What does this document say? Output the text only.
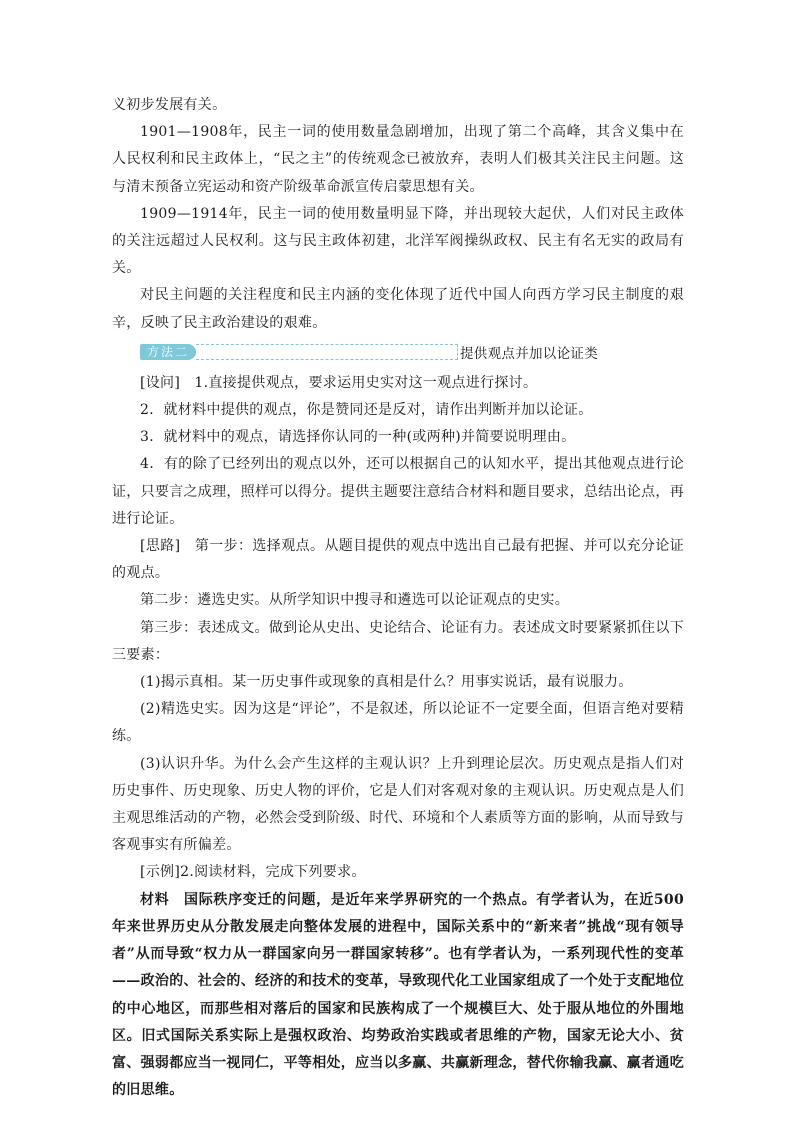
义初步发展有关。

1901—1908年，民主一词的使用数量急剧增加，出现了第二个高峰，其含义集中在人民权利和民主政体上，“民之主”的传统观念已被放弃，表明人们极其关注民主问题。这与清末预备立宪运动和资产阶级革命派宣传启蒙思想有关。

1909—1914年，民主一词的使用数量明显下降，并出现较大起伏，人们对民主政体的关注远超过人民权利。这与民主政体初建，北洋军阀操纵政权、民主有名无实的政局有关。

对民主问题的关注程度和民主内涵的变化体现了近代中国人向西方学习民主制度的艰辛，反映了民主政治建设的艰难。

方法二	提供观点并加以论证类

[设问]　1.直接提供观点，要求运用史实对这一观点进行探讨。

2．就材料中提供的观点，你是赞同还是反对，请作出判断并加以论证。

3．就材料中的观点，请选择你认同的一种(或两种)并简要说明理由。

4．有的除了已经列出的观点以外，还可以根据自己的认知水平，提出其他观点进行论证，只要言之成理，照样可以得分。提供主题要注意结合材料和题目要求，总结出论点，再进行论证。

[思路]　第一步：选择观点。从题目提供的观点中选出自己最有把握、并可以充分论证的观点。

第二步：遴选史实。从所学知识中搜寻和遴选可以论证观点的史实。

第三步：表述成文。做到论从史出、史论结合、论证有力。表述成文时要紧紧抓住以下三要素：

(1)揭示真相。某一历史事件或现象的真相是什么？用事实说话，最有说服力。

(2)精选史实。因为这是“评论”，不是叙述，所以论证不一定要全面，但语言绝对要精练。

(3)认识升华。为什么会产生这样的主观认识？上升到理论层次。历史观点是指人们对历史事件、历史现象、历史人物的评价，它是人们对客观对象的主观认识。历史观点是人们主观思维活动的产物，必然会受到阶级、时代、环境和个人素质等方面的影响，从而导致与客观事实有所偏差。

[示例]2.阅读材料，完成下列要求。

材料　国际秩序变迁的问题，是近年来学界研究的一个热点。有学者认为，在近500年来世界历史从分散发展走向整体发展的进程中，国际关系中的“新来者”挑战“现有领导者”从而导致“权力从一群国家向另一群国家转移”。也有学者认为，一系列现代性的变革——政治的、社会的、经济的和技术的变革，导致现代化工业国家组成了一个处于支配地位的中心地区，而那些相对落后的国家和民族构成了一个规模巨大、处于服从地位的外围地区。旧式国际关系实际上是强权政治、均势政治实践或者思维的产物，国家无论大小、贫富、强弱都应当一视同仁，平等相处，应当以多赢、共赢新理念，替代你输我赢、赢者通吃的旧思维。
